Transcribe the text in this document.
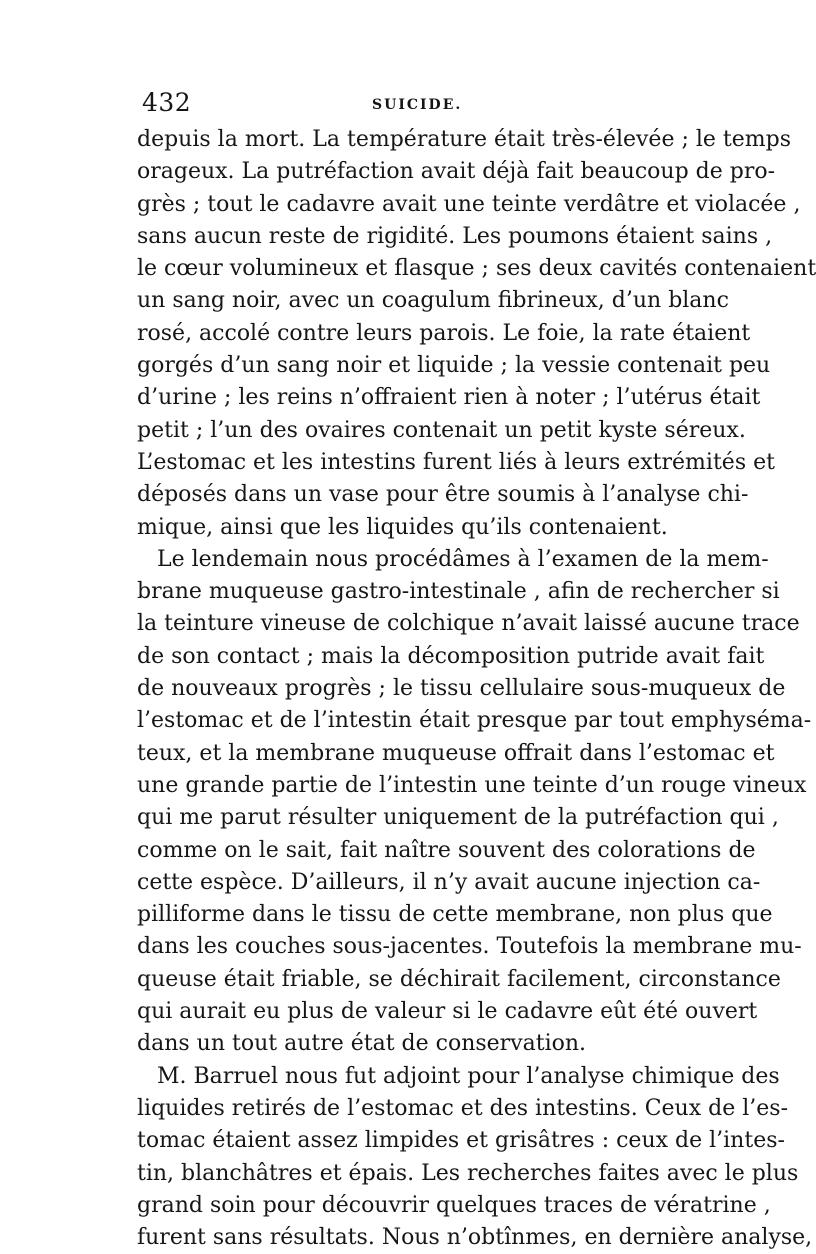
432	SUICIDE.
depuis la mort. La température était très-élevée ; le temps
orageux. La putréfaction avait déjà fait beaucoup de pro-
grès ; tout le cadavre avait une teinte verdâtre et violacée ,
sans aucun reste de rigidité. Les poumons étaient sains ,
le cœur volumineux et flasque ; ses deux cavités contenaient
un sang noir, avec un coagulum fibrineux, d’un blanc
rosé, accolé contre leurs parois. Le foie, la rate étaient
gorgés d’un sang noir et liquide ; la vessie contenait peu
d’urine ; les reins n’offraient rien à noter ; l’utérus était
petit ; l’un des ovaires contenait un petit kyste séreux.
L’estomac et les intestins furent liés à leurs extrémités et
déposés dans un vase pour être soumis à l’analyse chi-
mique, ainsi que les liquides qu’ils contenaient.
Le lendemain nous procédâmes à l’examen de la mem-
brane muqueuse gastro-intestinale , afin de rechercher si
la teinture vineuse de colchique n’avait laissé aucune trace
de son contact ; mais la décomposition putride avait fait
de nouveaux progrès ; le tissu cellulaire sous-muqueux de
l’estomac et de l’intestin était presque par tout emphyséma-
teux, et la membrane muqueuse offrait dans l’estomac et
une grande partie de l’intestin une teinte d’un rouge vineux
qui me parut résulter uniquement de la putréfaction qui ,
comme on le sait, fait naître souvent des colorations de
cette espèce. D’ailleurs, il n’y avait aucune injection ca-
pilliforme dans le tissu de cette membrane, non plus que
dans les couches sous-jacentes. Toutefois la membrane mu-
queuse était friable, se déchirait facilement, circonstance
qui aurait eu plus de valeur si le cadavre eût été ouvert
dans un tout autre état de conservation.
M. Barruel nous fut adjoint pour l’analyse chimique des
liquides retirés de l’estomac et des intestins. Ceux de l’es-
tomac étaient assez limpides et grisâtres : ceux de l’intes-
tin, blanchâtres et épais. Les recherches faites avec le plus
grand soin pour découvrir quelques traces de vératrine ,
furent sans résultats. Nous n’obtînmes, en dernière analyse,
